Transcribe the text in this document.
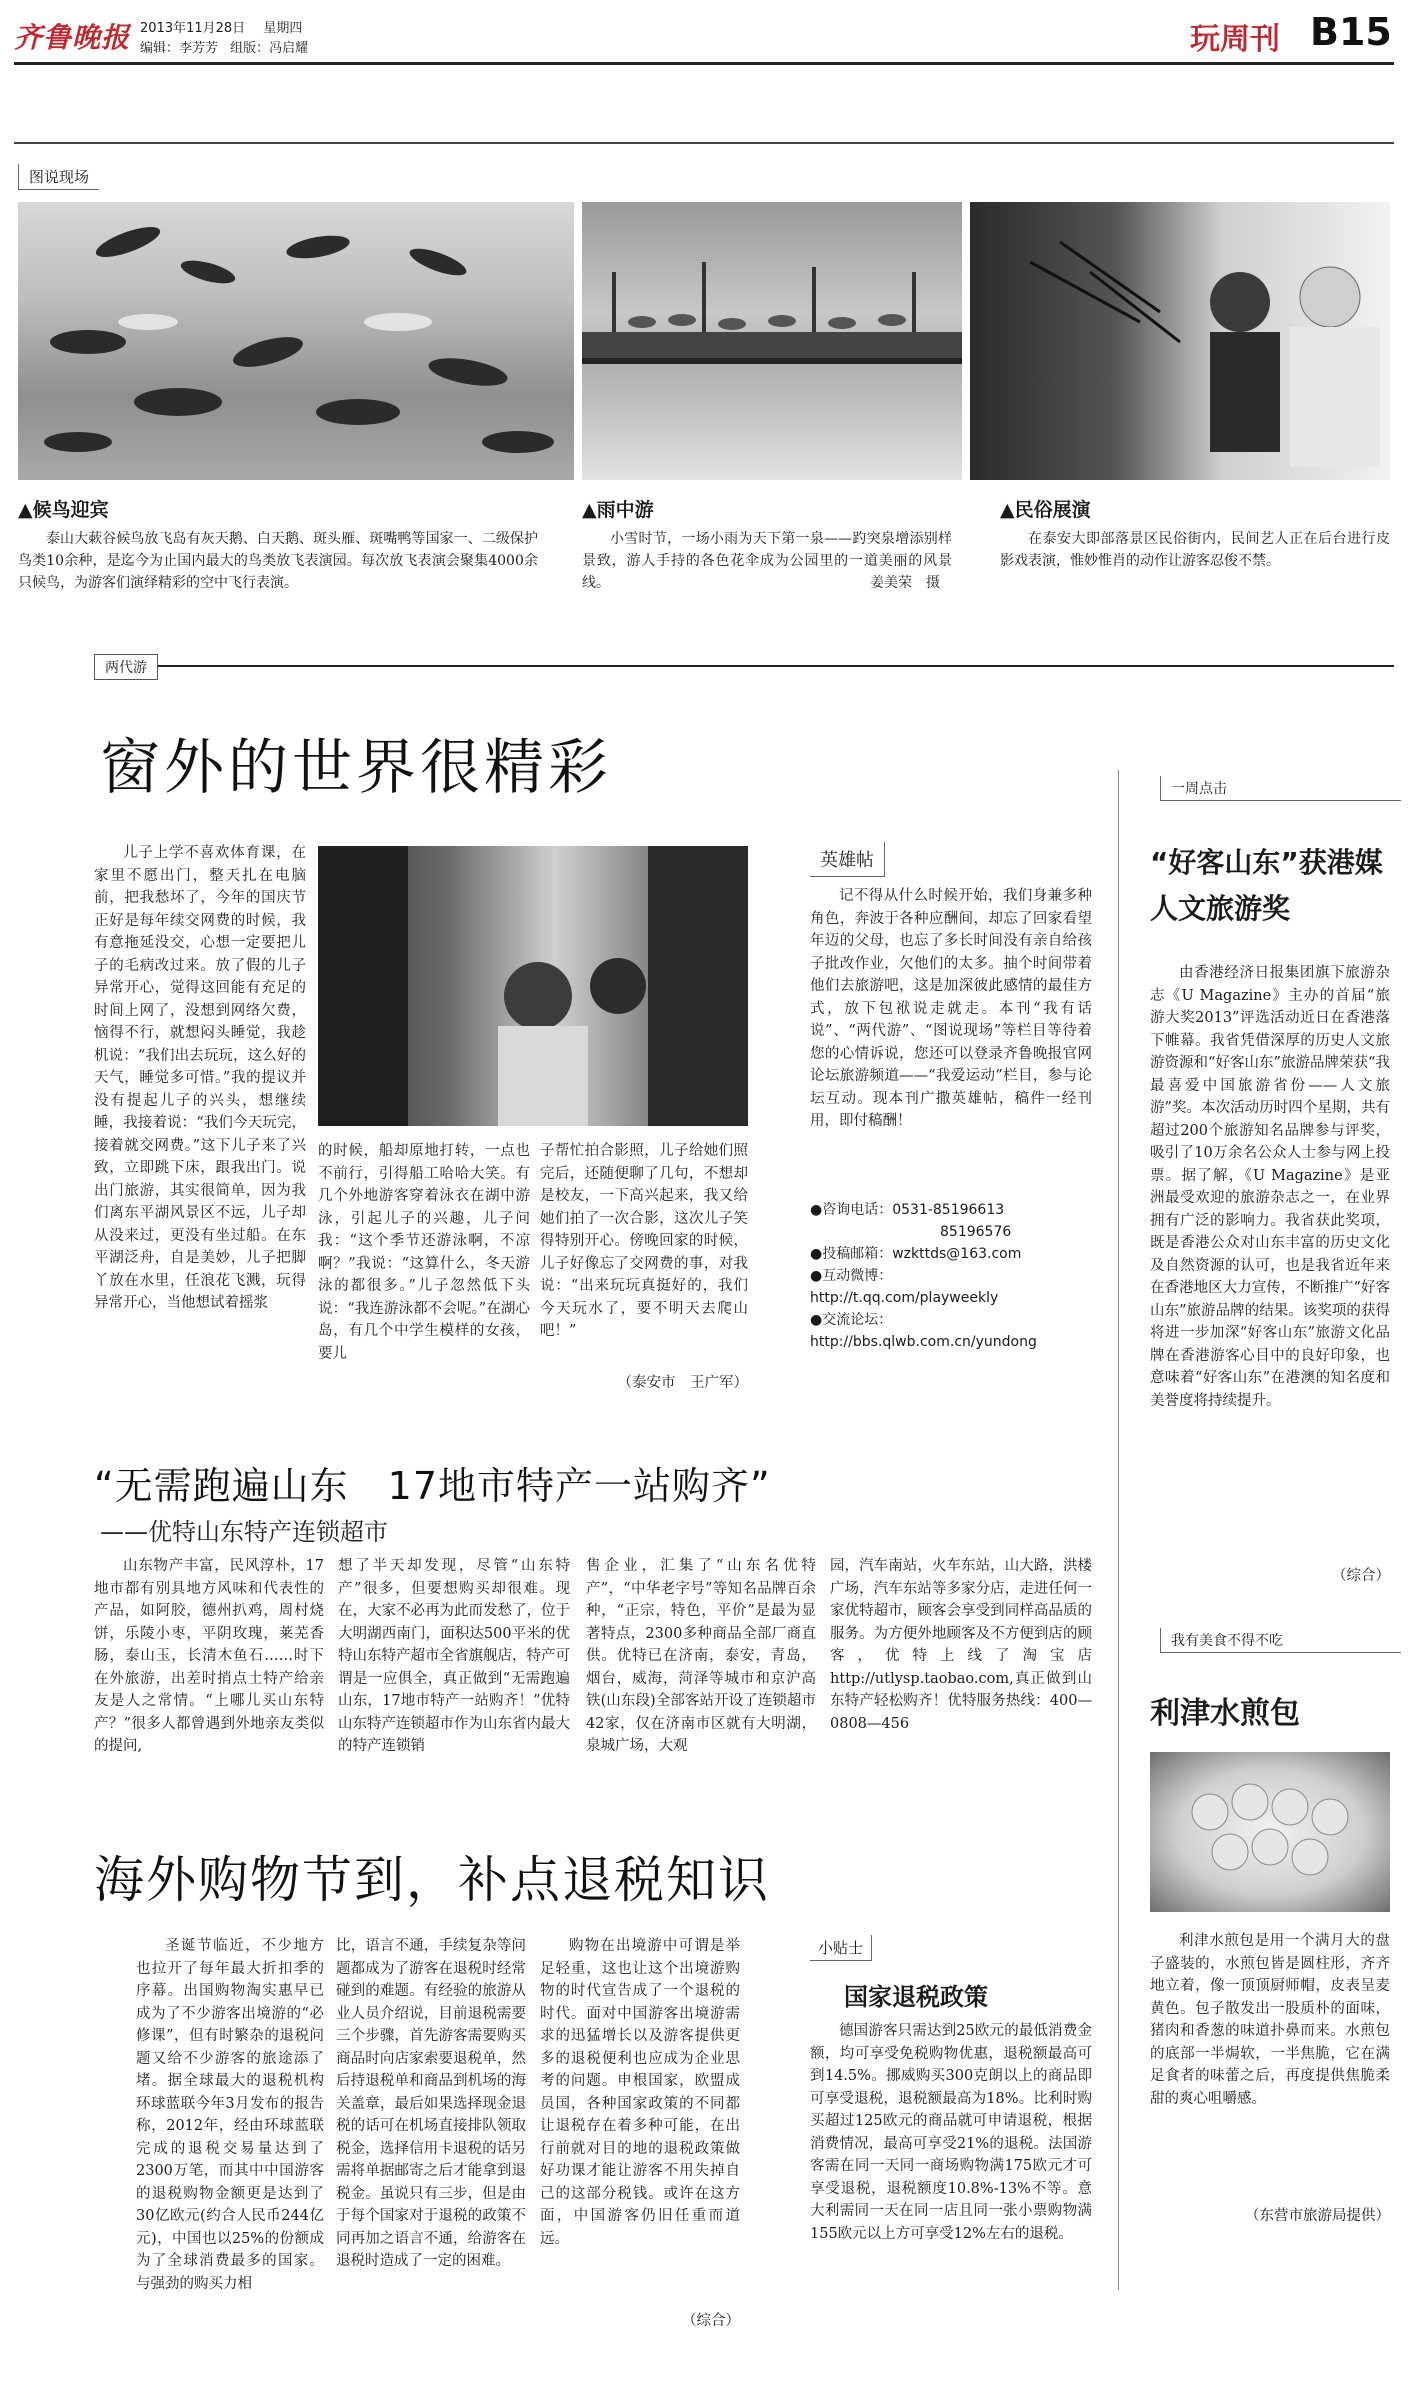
齐鲁晚报 2013年11月28日 星期四
编辑：李芳芳 组版：冯启耀	玩周刊 B15
图说现场
▲候鸟迎宾
泰山大蔌谷候鸟放飞岛有灰天鹅、白天鹅、斑头雁、斑嘴鸭等国家一、二级保护鸟类10余种，是迄今为止国内最大的鸟类放飞表演园。每次放飞表演会聚集4000余只候鸟，为游客们演绎精彩的空中飞行表演。
▲雨中游
小雪时节，一场小雨为天下第一泉——趵突泉增添别样景致，游人手持的各色花伞成为公园里的一道美丽的风景线。	姜美荣　摄
▲民俗展演
在泰安大即部落景区民俗街内，民间艺人正在后台进行皮影戏表演，惟妙惟肖的动作让游客忍俊不禁。
两代游
窗外的世界很精彩

儿子上学不喜欢体育课，在家里不愿出门，整天扎在电脑前，把我愁坏了，今年的国庆节正好是每年续交网费的时候，我有意拖延没交，心想一定要把儿子的毛病改过来。放了假的儿子异常开心，觉得这回能有充足的时间上网了，没想到网络欠费，恼得不行，就想闷头睡觉，我趁机说：“我们出去玩玩，这么好的天气，睡觉多可惜。”我的提议并没有提起儿子的兴头，想继续睡，我接着说：“我们今天玩完，接着就交网费。”这下儿子来了兴致，立即跳下床，跟我出门。说出门旅游，其实很简单，因为我们离东平湖风景区不远，儿子却从没来过，更没有坐过船。在东平湖泛舟，自是美妙，儿子把脚丫放在水里，任浪花飞溅，玩得异常开心，当他想试着摇浆

的时候，船却原地打转，一点也不前行，引得船工哈哈大笑。有几个外地游客穿着泳衣在湖中游泳，引起儿子的兴趣，儿子问我：“这个季节还游泳啊，不凉啊？”我说：“这算什么，冬天游泳的都很多。”儿子忽然低下头说：“我连游泳都不会呢。”在湖心岛，有几个中学生模样的女孩，要儿

子帮忙拍合影照，儿子给她们照完后，还随便聊了几句，不想却是校友，一下高兴起来，我又给她们拍了一次合影，这次儿子笑得特别开心。傍晚回家的时候，儿子好像忘了交网费的事，对我说：“出来玩玩真挺好的，我们今天玩水了，要不明天去爬山吧！”

（泰安市　王广军）
英雄帖

记不得从什么时候开始，我们身兼多种角色，奔波于各种应酬间，却忘了回家看望年迈的父母，也忘了多长时间没有亲自给孩子批改作业，欠他们的太多。抽个时间带着他们去旅游吧，这是加深彼此感情的最佳方式，放下包袱说走就走。本刊“我有话说”、“两代游”、“图说现场”等栏目等待着您的心情诉说，您还可以登录齐鲁晚报官网论坛旅游频道——“我爱运动”栏目，参与论坛互动。现本刊广撒英雄帖，稿件一经刊用，即付稿酬！

●咨询电话：0531-85196613
85196576
●投稿邮箱：wzkttds@163.com
●互动微博：
http://t.qq.com/playweekly
●交流论坛：
http://bbs.qlwb.com.cn/yundong
“无需跑遍山东　17地市特产一站购齐”
——优特山东特产连锁超市

山东物产丰富，民风淳朴，17地市都有别具地方风味和代表性的产品，如阿胶，德州扒鸡，周村烧饼，乐陵小枣，平阴玫瑰，莱芜香肠，泰山玉，长清木鱼石……时下在外旅游，出差时捎点土特产给亲友是人之常情。“上哪儿买山东特产？”很多人都曾遇到外地亲友类似的提问,

想了半天却发现，尽管“山东特产”很多，但要想购买却很难。现在，大家不必再为此而发愁了，位于大明湖西南门，面积达500平米的优特山东特产超市全省旗舰店，特产可谓是一应俱全，真正做到“无需跑遍山东，17地市特产一站购齐！”优特山东特产连锁超市作为山东省内最大的特产连锁销

售企业，汇集了“山东名优特产”，“中华老字号”等知名品牌百余种，“正宗，特色，平价”是最为显著特点，2300多种商品全部厂商直供。优特已在济南，泰安，青岛，烟台，威海，菏泽等城市和京沪高铁(山东段)全部客站开设了连锁超市42家，仅在济南市区就有大明湖，泉城广场，大观

园，汽车南站，火车东站，山大路，洪楼广场，汽车东站等多家分店，走进任何一家优特超市，顾客会享受到同样高品质的服务。为方便外地顾客及不方便到店的顾客，优特上线了淘宝店 http://utlysp.taobao.com,真正做到山东特产轻松购齐！优特服务热线：400—0808—456

海外购物节到，补点退税知识

圣诞节临近，不少地方也拉开了每年最大折扣季的序幕。出国购物淘实惠早已成为了不少游客出境游的“必修课”，但有时繁杂的退税问题又给不少游客的旅途添了堵。据全球最大的退税机构环球蓝联今年3月发布的报告称，2012年，经由环球蓝联完成的退税交易量达到了2300万笔，而其中中国游客的退税购物金额更是达到了30亿欧元(约合人民币244亿元)，中国也以25%的份额成为了全球消费最多的国家。与强劲的购买力相

比，语言不通，手续复杂等问题都成为了游客在退税时经常碰到的难题。有经验的旅游从业人员介绍说，目前退税需要三个步骤，首先游客需要购买商品时向店家索要退税单，然后持退税单和商品到机场的海关盖章，最后如果选择现金退税的话可在机场直接排队领取税金，选择信用卡退税的话另需将单据邮寄之后才能拿到退税金。虽说只有三步，但是由于每个国家对于退税的政策不同再加之语言不通，给游客在退税时造成了一定的困难。

购物在出境游中可谓是举足轻重，这也让这个出境游购物的时代宣告成了一个退税的时代。面对中国游客出境游需求的迅猛增长以及游客提供更多的退税便利也应成为企业思考的问题。申根国家，欧盟成员国，各种国家政策的不同都让退税存在着多种可能，在出行前就对目的地的退税政策做好功课才能让游客不用失掉自己的这部分税钱。或许在这方面，中国游客仍旧任重而道远。

（综合）
小贴士
国家退税政策

德国游客只需达到25欧元的最低消费金额，均可享受免税购物优惠，退税额最高可到14.5%。挪威购买300克朗以上的商品即可享受退税，退税额最高为18%。比利时购买超过125欧元的商品就可申请退税，根据消费情况，最高可享受21%的退税。法国游客需在同一天同一商场购物满175欧元才可享受退税，退税额度10.8%-13%不等。意大利需同一天在同一店且同一张小票购物满155欧元以上方可享受12%左右的退税。

一周点击
“好客山东”获港媒人文旅游奖

由香港经济日报集团旗下旅游杂志《U Magazine》主办的首届“旅游大奖2013”评选活动近日在香港落下帷幕。我省凭借深厚的历史人文旅游资源和“好客山东”旅游品牌荣获“我最喜爱中国旅游省份——人文旅游”奖。本次活动历时四个星期，共有超过200个旅游知名品牌参与评奖，吸引了10万余名公众人士参与网上投票。据了解，《U Magazine》是亚洲最受欢迎的旅游杂志之一，在业界拥有广泛的影响力。我省获此奖项，既是香港公众对山东丰富的历史文化及自然资源的认可，也是我省近年来在香港地区大力宣传，不断推广“好客山东”旅游品牌的结果。该奖项的获得将进一步加深“好客山东”旅游文化品牌在香港游客心目中的良好印象，也意味着“好客山东”在港澳的知名度和美誉度将持续提升。

（综合）
我有美食不得不吃
利津水煎包

利津水煎包是用一个满月大的盘子盛装的，水煎包皆是圆柱形，齐齐地立着，像一顶顶厨师帽，皮表呈麦黄色。包子散发出一股质朴的面味，猪肉和香葱的味道扑鼻而来。水煎包的底部一半焗软，一半焦脆，它在满足食者的味蕾之后，再度提供焦脆柔甜的爽心咀嚼感。

（东营市旅游局提供）
